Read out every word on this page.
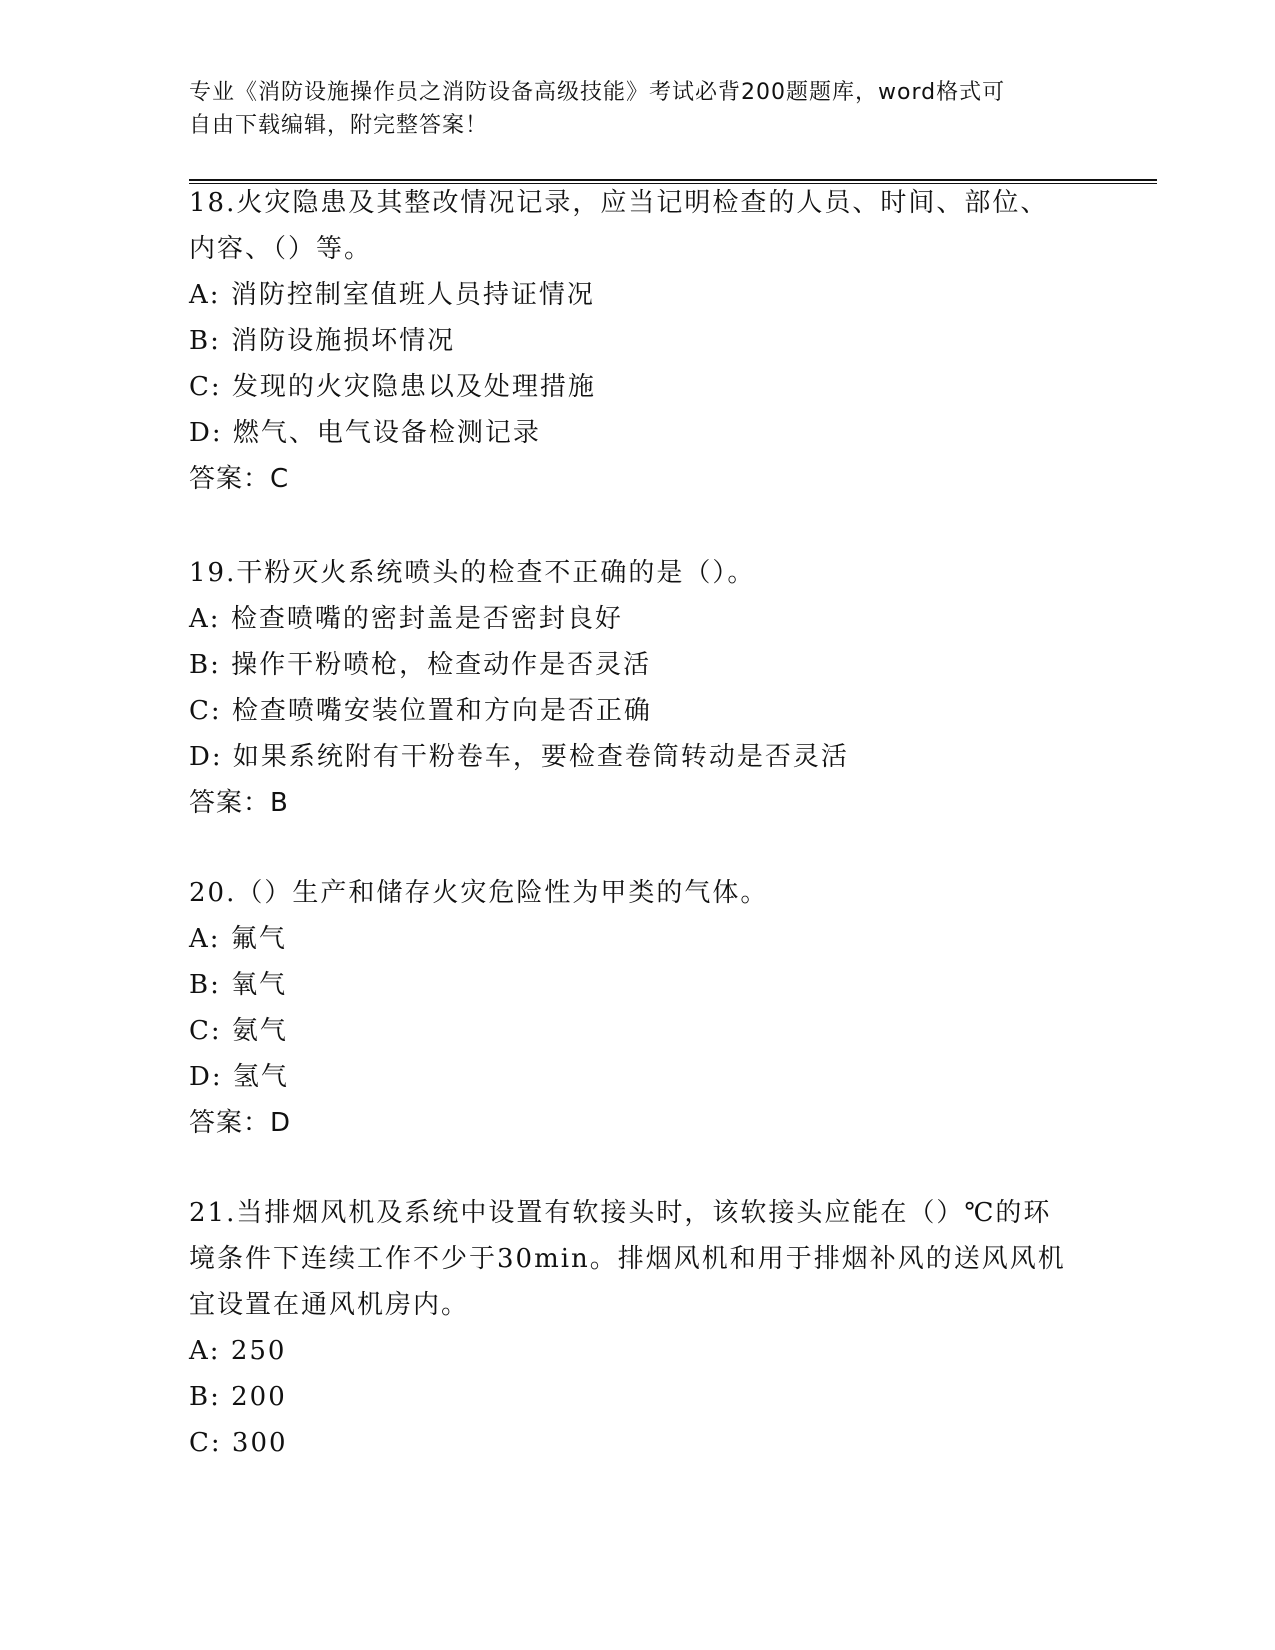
专业《消防设施操作员之消防设备高级技能》考试必背200题题库，word格式可
自由下载编辑，附完整答案！
18.火灾隐患及其整改情况记录，应当记明检查的人员、时间、部位、
内容、（）等。
A: 消防控制室值班人员持证情况
B: 消防设施损坏情况
C: 发现的火灾隐患以及处理措施
D: 燃气、电气设备检测记录
答案：C
19.干粉灭火系统喷头的检查不正确的是（）。
A: 检查喷嘴的密封盖是否密封良好
B: 操作干粉喷枪，检查动作是否灵活
C: 检查喷嘴安装位置和方向是否正确
D: 如果系统附有干粉卷车，要检查卷筒转动是否灵活
答案：B
20.（）生产和储存火灾危险性为甲类的气体。
A: 氟气
B: 氧气
C: 氨气
D: 氢气
答案：D
21.当排烟风机及系统中设置有软接头时，该软接头应能在（）℃的环
境条件下连续工作不少于30min。排烟风机和用于排烟补风的送风风机
宜设置在通风机房内。
A: 250
B: 200
C: 300
